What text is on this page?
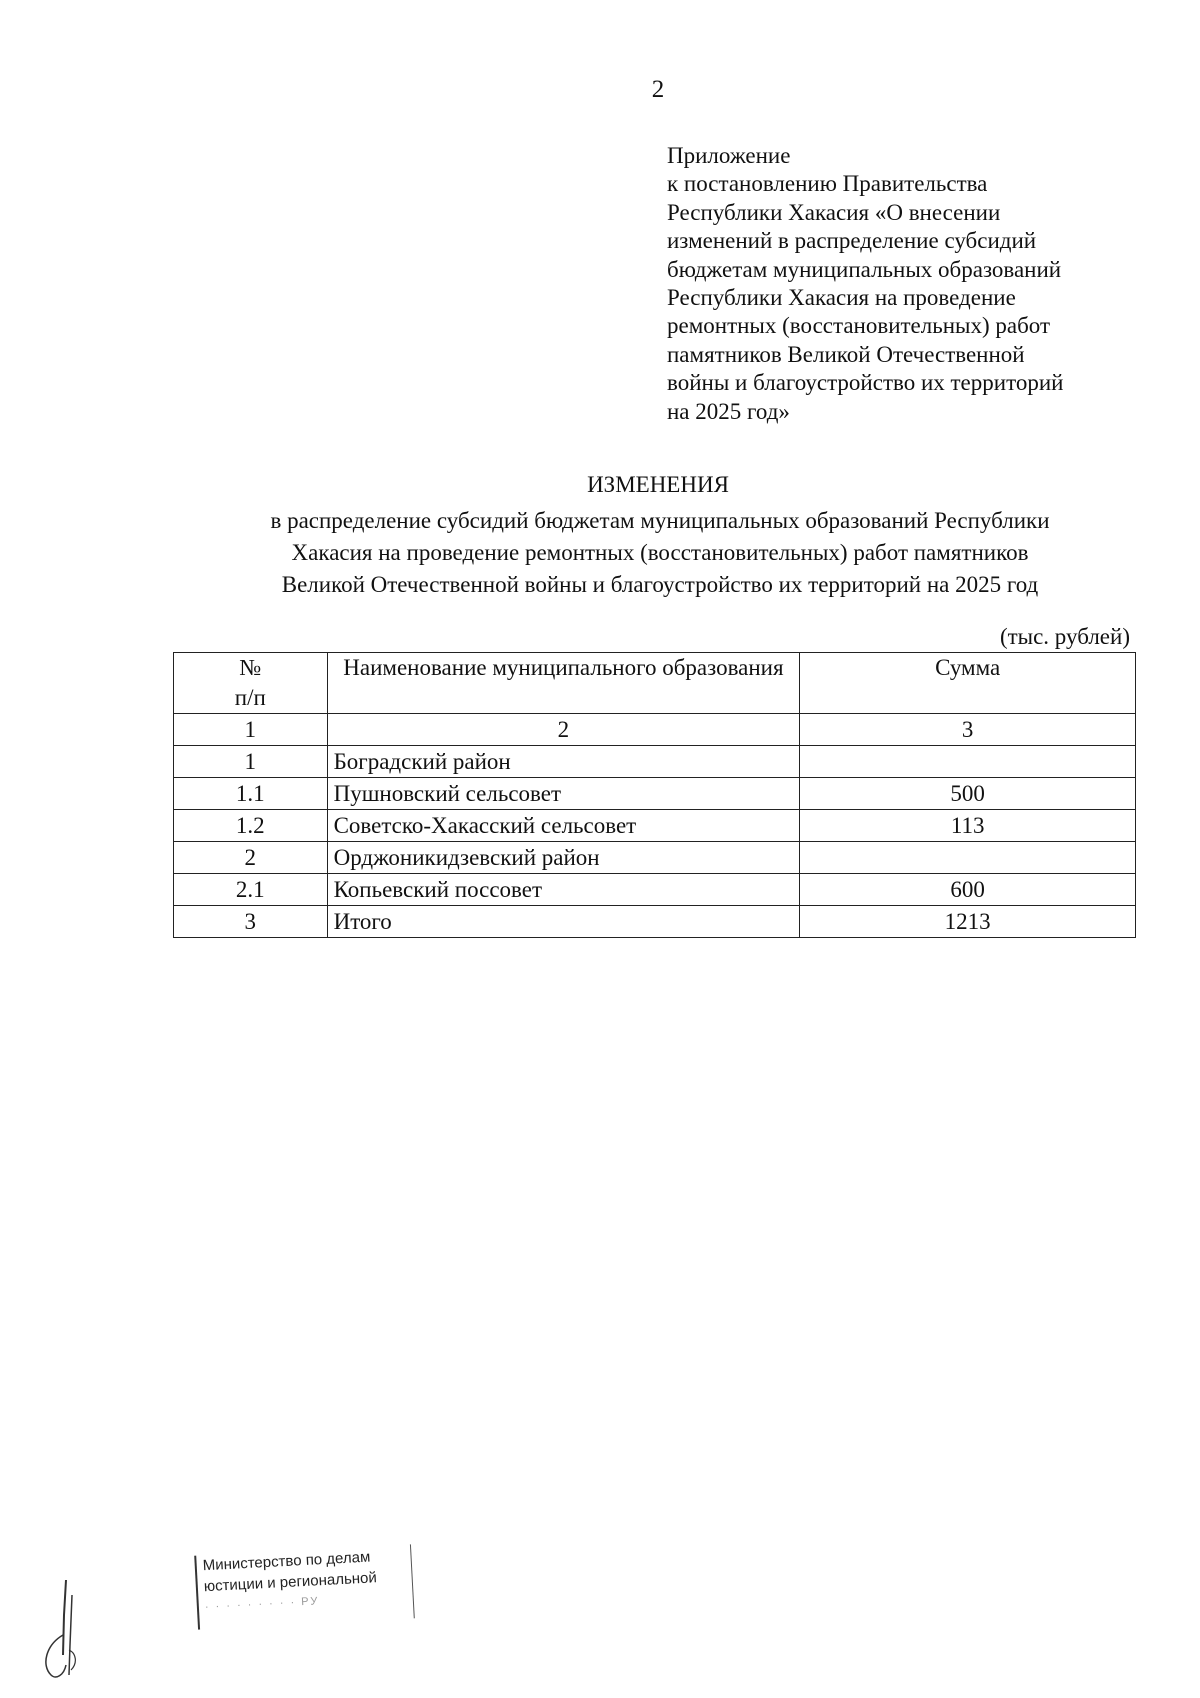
2
Приложение
к постановлению Правительства
Республики Хакасия «О внесении
изменений в распределение субсидий
бюджетам муниципальных образований
Республики Хакасия на проведение
ремонтных (восстановительных) работ
памятников Великой Отечественной
войны и благоустройство их территорий
на 2025 год»
ИЗМЕНЕНИЯ
в распределение субсидий бюджетам муниципальных образований Республики
Хакасия на проведение ремонтных (восстановительных) работ памятников
Великой Отечественной войны и благоустройство их территорий на 2025 год
(тыс. рублей)
№
п/п	Наименование муниципального образования	Сумма
1	2	3
1	Боградский район	
1.1	Пушновский сельсовет	500
1.2	Советско-Хакасский сельсовет	113
2	Орджоникидзевский район	
2.1	Копьевский поссовет	600
3	Итого	1213
Министерство по делам
юстиции и региональной
· · · · · · · · · РУ
